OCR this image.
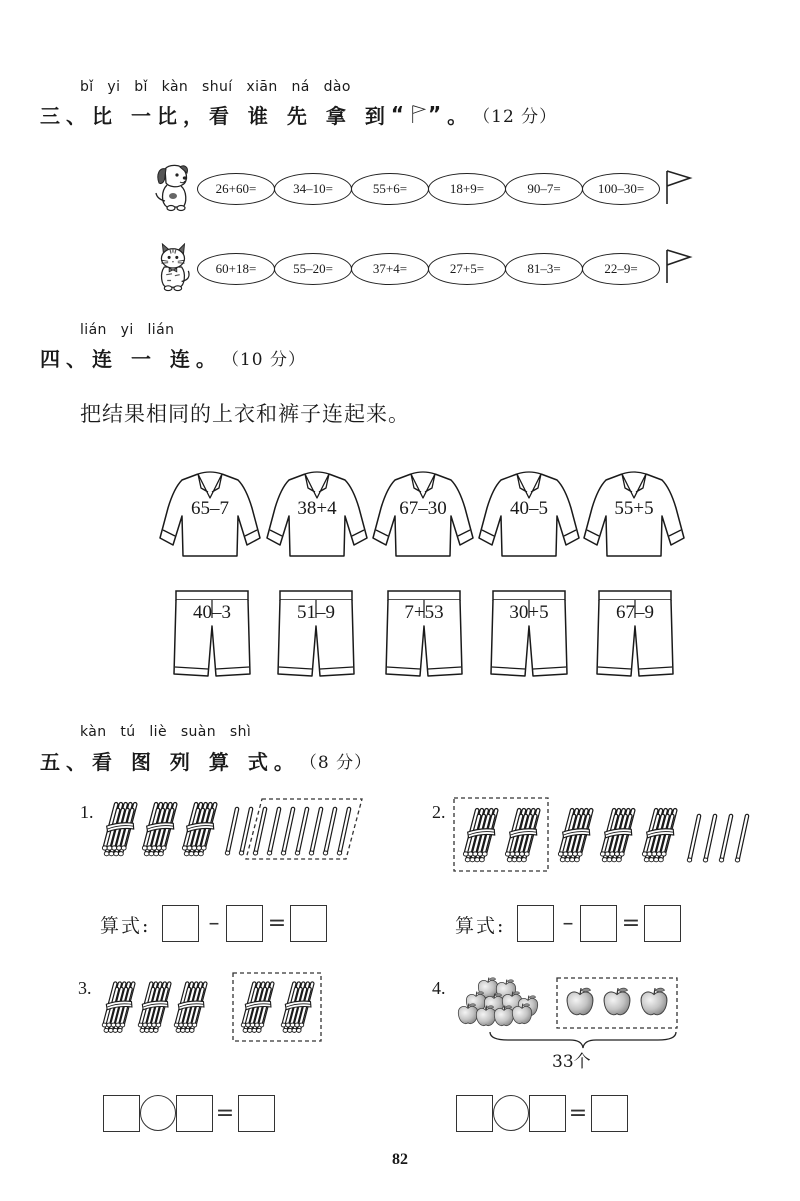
bǐ yi bǐ kàn shuí xiān ná dào
三、比 一比，看 谁 先 拿 到 “ ” 。 （12 分）
26+60=	34–10=	55+6=	18+9=	90–7=	100–30=
60+18=	55–20=	37+4=	27+5=	81–3=	22–9=
lián yi lián
四、连 一 连。 （10 分）
把结果相同的上衣和裤子连起来。
65–7	38+4	67–30	40–5	55+5
40–3	51–9	7+53	30+5	67–9
kàn tú liè suàn shì
五、看 图 列 算 式。 （8 分）
1.	2.
算式:	– =	算式:	– =
3.	4.
33个
=	=
82
